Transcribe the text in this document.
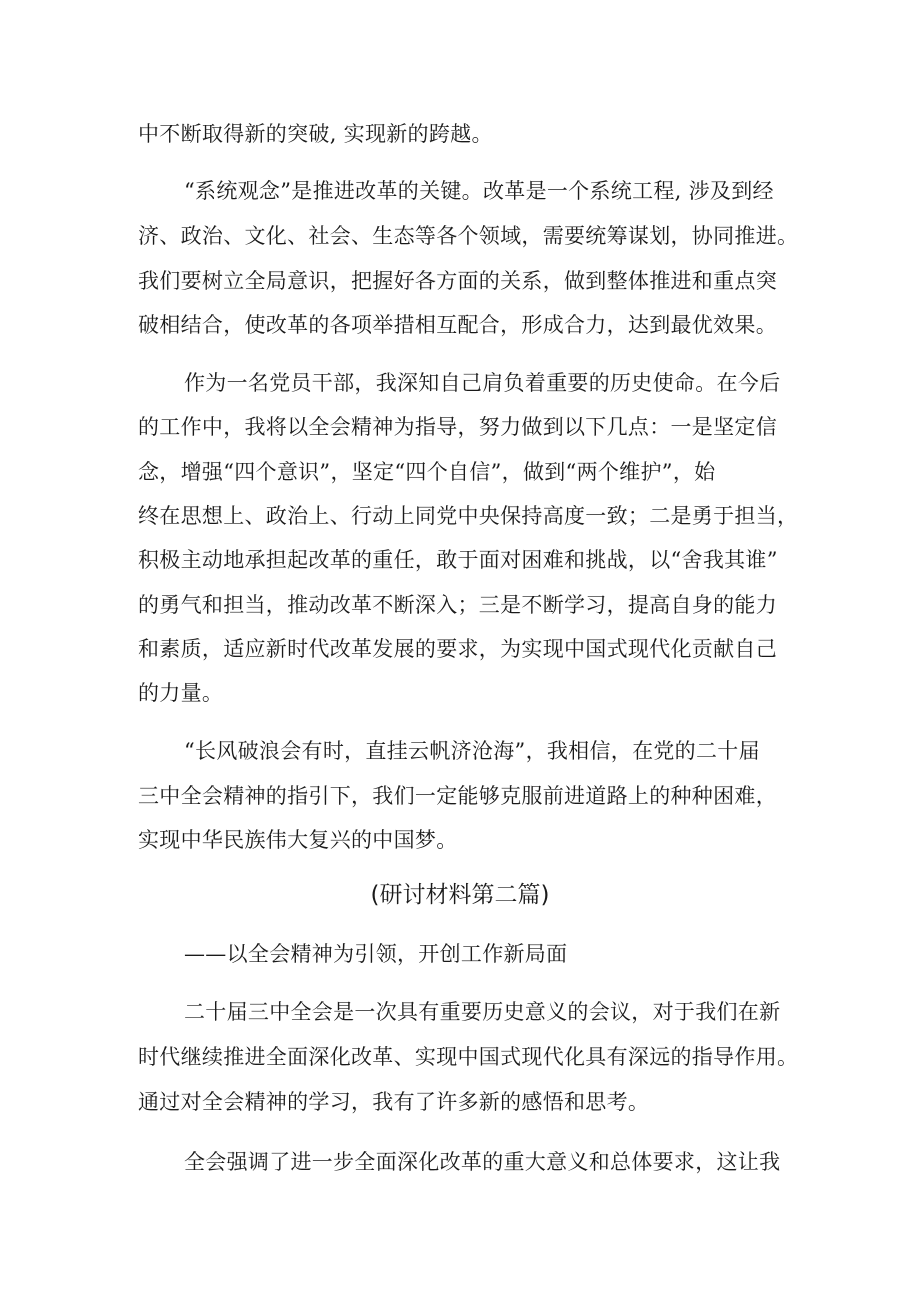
中不断取得新的突破, 实现新的跨越。
“系统观念”是推进改革的关键。改革是一个系统工程, 涉及到经
济、政治、文化、社会、生态等各个领域，需要统筹谋划，协同推进。
我们要树立全局意识，把握好各方面的关系，做到整体推进和重点突
破相结合，使改革的各项举措相互配合，形成合力，达到最优效果。
作为一名党员干部，我深知自己肩负着重要的历史使命。在今后
的工作中，我将以全会精神为指导，努力做到以下几点：一是坚定信
念，增强“四个意识”，坚定“四个自信”，做到“两个维护”，始
终在思想上、政治上、行动上同党中央保持高度一致；二是勇于担当，
积极主动地承担起改革的重任，敢于面对困难和挑战，以“舍我其谁”
的勇气和担当，推动改革不断深入；三是不断学习，提高自身的能力
和素质，适应新时代改革发展的要求，为实现中国式现代化贡献自己
的力量。
“长风破浪会有时，直挂云帆济沧海”，我相信，在党的二十届
三中全会精神的指引下，我们一定能够克服前进道路上的种种困难，
实现中华民族伟大复兴的中国梦。
(研讨材料第二篇)
——以全会精神为引领，开创工作新局面
二十届三中全会是一次具有重要历史意义的会议，对于我们在新
时代继续推进全面深化改革、实现中国式现代化具有深远的指导作用。
通过对全会精神的学习，我有了许多新的感悟和思考。
全会强调了进一步全面深化改革的重大意义和总体要求，这让我
